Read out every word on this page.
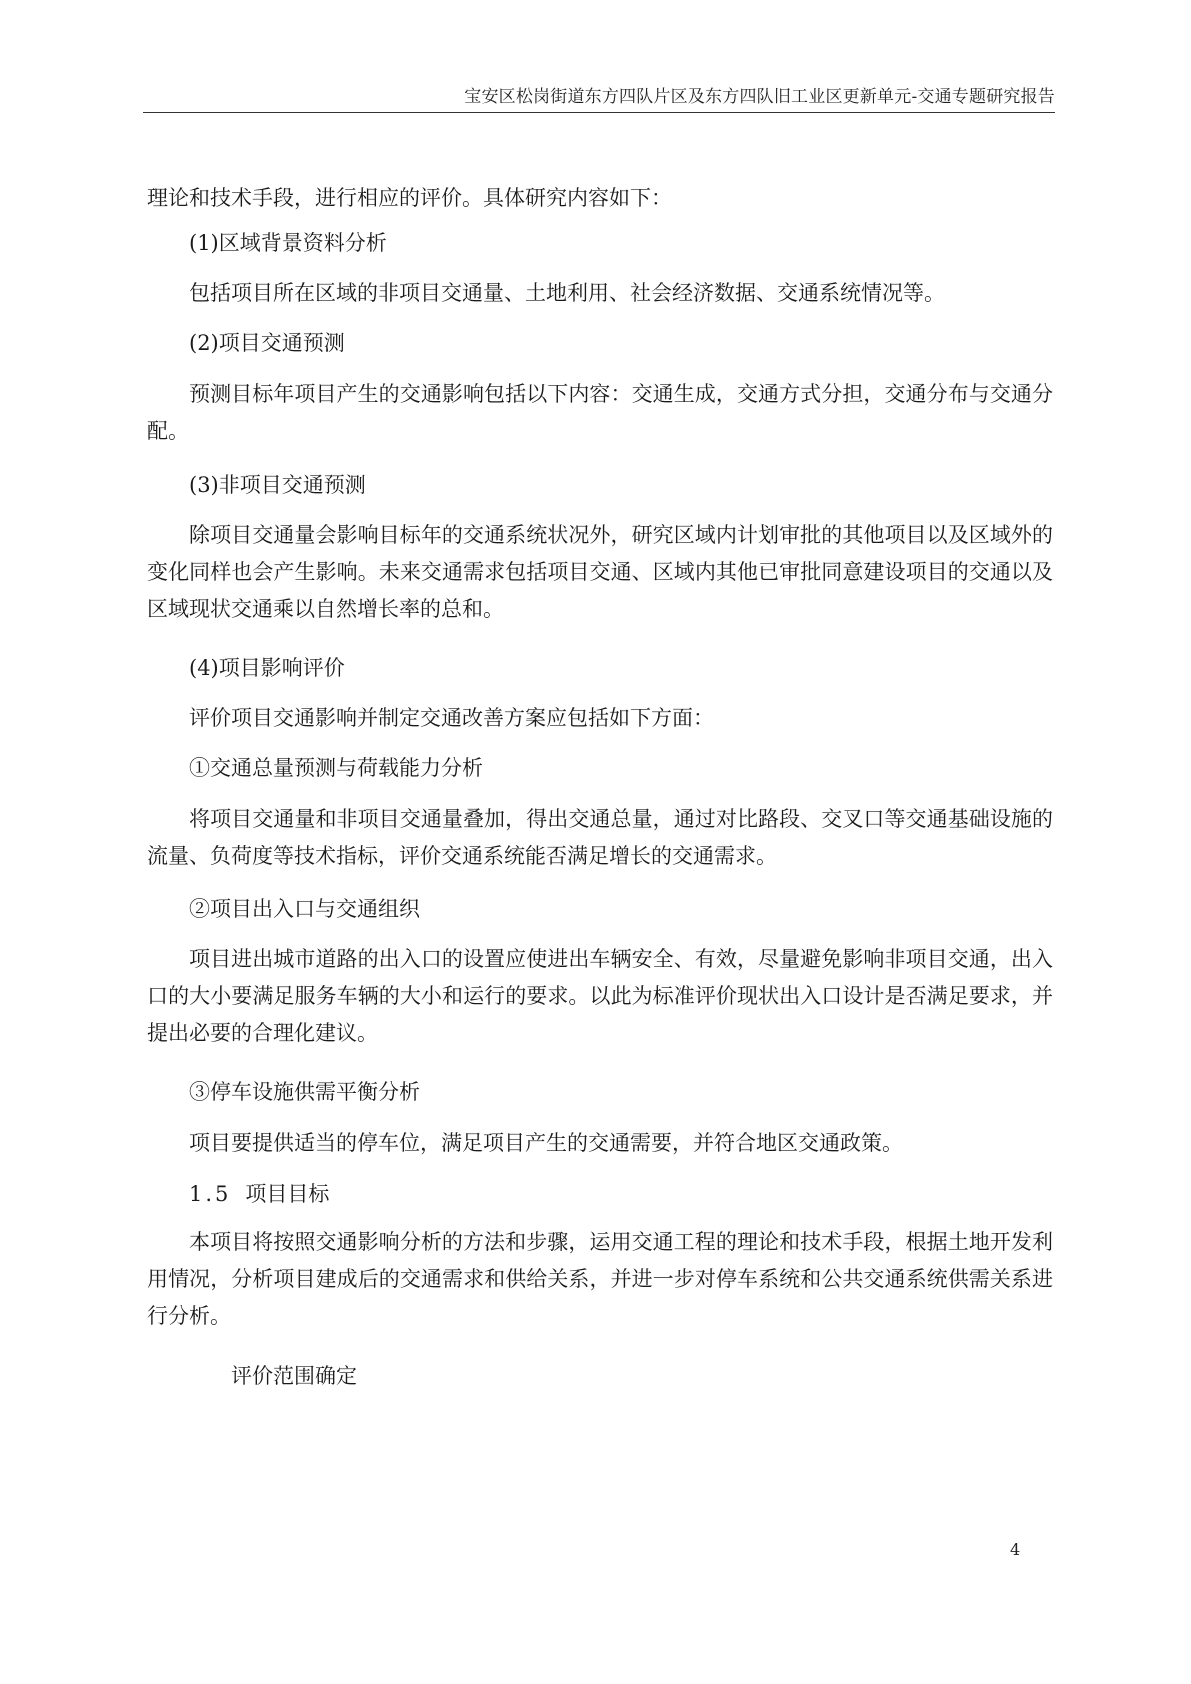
宝安区松岗街道东方四队片区及东方四队旧工业区更新单元-交通专题研究报告

理论和技术手段，进行相应的评价。具体研究内容如下：

(1)区域背景资料分析

包括项目所在区域的非项目交通量、土地利用、社会经济数据、交通系统情况等。

(2)项目交通预测

预测目标年项目产生的交通影响包括以下内容：交通生成，交通方式分担，交通分布与交通分配。

(3)非项目交通预测

除项目交通量会影响目标年的交通系统状况外，研究区域内计划审批的其他项目以及区域外的变化同样也会产生影响。未来交通需求包括项目交通、区域内其他已审批同意建设项目的交通以及区域现状交通乘以自然增长率的总和。

(4)项目影响评价

评价项目交通影响并制定交通改善方案应包括如下方面：

①交通总量预测与荷载能力分析

将项目交通量和非项目交通量叠加，得出交通总量，通过对比路段、交叉口等交通基础设施的流量、负荷度等技术指标，评价交通系统能否满足增长的交通需求。

②项目出入口与交通组织

项目进出城市道路的出入口的设置应使进出车辆安全、有效，尽量避免影响非项目交通，出入口的大小要满足服务车辆的大小和运行的要求。以此为标准评价现状出入口设计是否满足要求，并提出必要的合理化建议。

③停车设施供需平衡分析

项目要提供适当的停车位，满足项目产生的交通需要，并符合地区交通政策。

1.5 项目目标

本项目将按照交通影响分析的方法和步骤，运用交通工程的理论和技术手段，根据土地开发利用情况，分析项目建成后的交通需求和供给关系，并进一步对停车系统和公共交通系统供需关系进行分析。

评价范围确定
4
